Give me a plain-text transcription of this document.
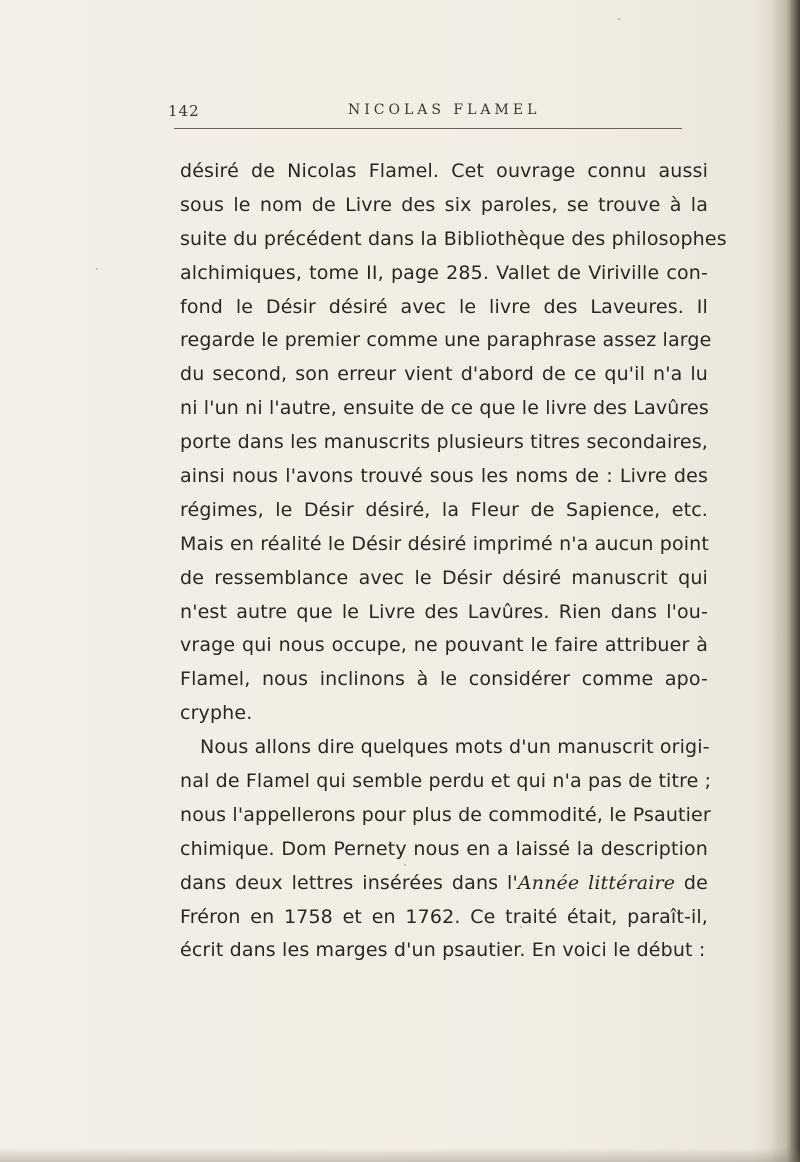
142	NICOLAS FLAMEL
désiré de Nicolas Flamel. Cet ouvrage connu aussi
sous le nom de Livre des six paroles, se trouve à la
suite du précédent dans la Bibliothèque des philosophes
alchimiques, tome II, page 285. Vallet de Viriville con-
fond le Désir désiré avec le livre des Laveures. Il
regarde le premier comme une paraphrase assez large
du second, son erreur vient d'abord de ce qu'il n'a lu
ni l'un ni l'autre, ensuite de ce que le livre des Lavûres
porte dans les manuscrits plusieurs titres secondaires,
ainsi nous l'avons trouvé sous les noms de : Livre des
régimes, le Désir désiré, la Fleur de Sapience, etc.
Mais en réalité le Désir désiré imprimé n'a aucun point
de ressemblance avec le Désir désiré manuscrit qui
n'est autre que le Livre des Lavûres. Rien dans l'ou-
vrage qui nous occupe, ne pouvant le faire attribuer à
Flamel, nous inclinons à le considérer comme apo-
cryphe.
Nous allons dire quelques mots d'un manuscrit origi-
nal de Flamel qui semble perdu et qui n'a pas de titre ;
nous l'appellerons pour plus de commodité, le Psautier
chimique. Dom Pernety nous en a laissé la description
dans deux lettres insérées dans l'Année littéraire de
Fréron en 1758 et en 1762. Ce traité était, paraît-il,
écrit dans les marges d'un psautier. En voici le début :
